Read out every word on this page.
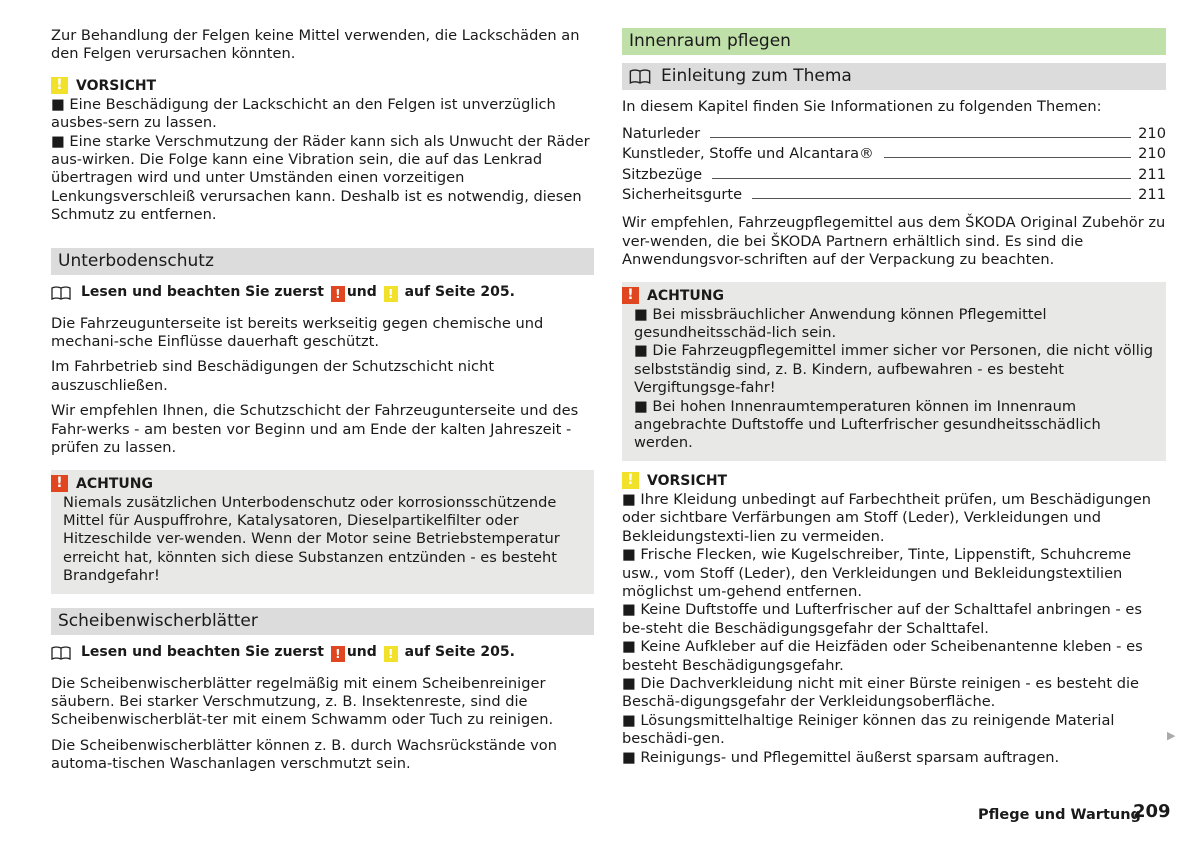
Zur Behandlung der Felgen keine Mittel verwenden, die Lackschäden an den Felgen verursachen könnten.

! VORSICHT

■ Eine Beschädigung der Lackschicht an den Felgen ist unverzüglich ausbes-sern zu lassen.

■ Eine starke Verschmutzung der Räder kann sich als Unwucht der Räder aus-wirken. Die Folge kann eine Vibration sein, die auf das Lenkrad übertragen wird und unter Umständen einen vorzeitigen Lenkungsverschleiß verursachen kann. Deshalb ist es notwendig, diesen Schmutz zu entfernen.

Unterbodenschutz
Lesen und beachten Sie zuerst ! und ! auf Seite 205.

Die Fahrzeugunterseite ist bereits werkseitig gegen chemische und mechani-sche Einflüsse dauerhaft geschützt.

Im Fahrbetrieb sind Beschädigungen der Schutzschicht nicht auszuschließen.

Wir empfehlen Ihnen, die Schutzschicht der Fahrzeugunterseite und des Fahr-werks - am besten vor Beginn und am Ende der kalten Jahreszeit - prüfen zu lassen.

! ACHTUNG

Niemals zusätzlichen Unterbodenschutz oder korrosionsschützende Mittel für Auspuffrohre, Katalysatoren, Dieselpartikelfilter oder Hitzeschilde ver-wenden. Wenn der Motor seine Betriebstemperatur erreicht hat, könnten sich diese Substanzen entzünden - es besteht Brandgefahr!

Scheibenwischerblätter
Lesen und beachten Sie zuerst ! und ! auf Seite 205.

Die Scheibenwischerblätter regelmäßig mit einem Scheibenreiniger säubern. Bei starker Verschmutzung, z. B. Insektenreste, sind die Scheibenwischerblät-ter mit einem Schwamm oder Tuch zu reinigen.

Die Scheibenwischerblätter können z. B. durch Wachsrückstände von automa-tischen Waschanlagen verschmutzt sein.

Innenraum pflegen
Einleitung zum Thema

In diesem Kapitel finden Sie Informationen zu folgenden Themen:

Naturleder	210
Kunstleder, Stoffe und Alcantara®	210
Sitzbezüge	211
Sicherheitsgurte	211

Wir empfehlen, Fahrzeugpflegemittel aus dem ŠKODA Original Zubehör zu ver-wenden, die bei ŠKODA Partnern erhältlich sind. Es sind die Anwendungsvor-schriften auf der Verpackung zu beachten.

! ACHTUNG

■ Bei missbräuchlicher Anwendung können Pflegemittel gesundheitsschäd-lich sein.

■ Die Fahrzeugpflegemittel immer sicher vor Personen, die nicht völlig selbstständig sind, z. B. Kindern, aufbewahren - es besteht Vergiftungsge-fahr!

■ Bei hohen Innenraumtemperaturen können im Innenraum angebrachte Duftstoffe und Lufterfrischer gesundheitsschädlich werden.

! VORSICHT

■ Ihre Kleidung unbedingt auf Farbechtheit prüfen, um Beschädigungen oder sichtbare Verfärbungen am Stoff (Leder), Verkleidungen und Bekleidungstexti-lien zu vermeiden.

■ Frische Flecken, wie Kugelschreiber, Tinte, Lippenstift, Schuhcreme usw., vom Stoff (Leder), den Verkleidungen und Bekleidungstextilien möglichst um-gehend entfernen.

■ Keine Duftstoffe und Lufterfrischer auf der Schalttafel anbringen - es be-steht die Beschädigungsgefahr der Schalttafel.

■ Keine Aufkleber auf die Heizfäden oder Scheibenantenne kleben - es besteht Beschädigungsgefahr.

■ Die Dachverkleidung nicht mit einer Bürste reinigen - es besteht die Beschä-digungsgefahr der Verkleidungsoberfläche.

■ Lösungsmittelhaltige Reiniger können das zu reinigende Material beschädi-gen.

■ Reinigungs- und Pflegemittel äußerst sparsam auftragen.

▶
Pflege und Wartung
209
